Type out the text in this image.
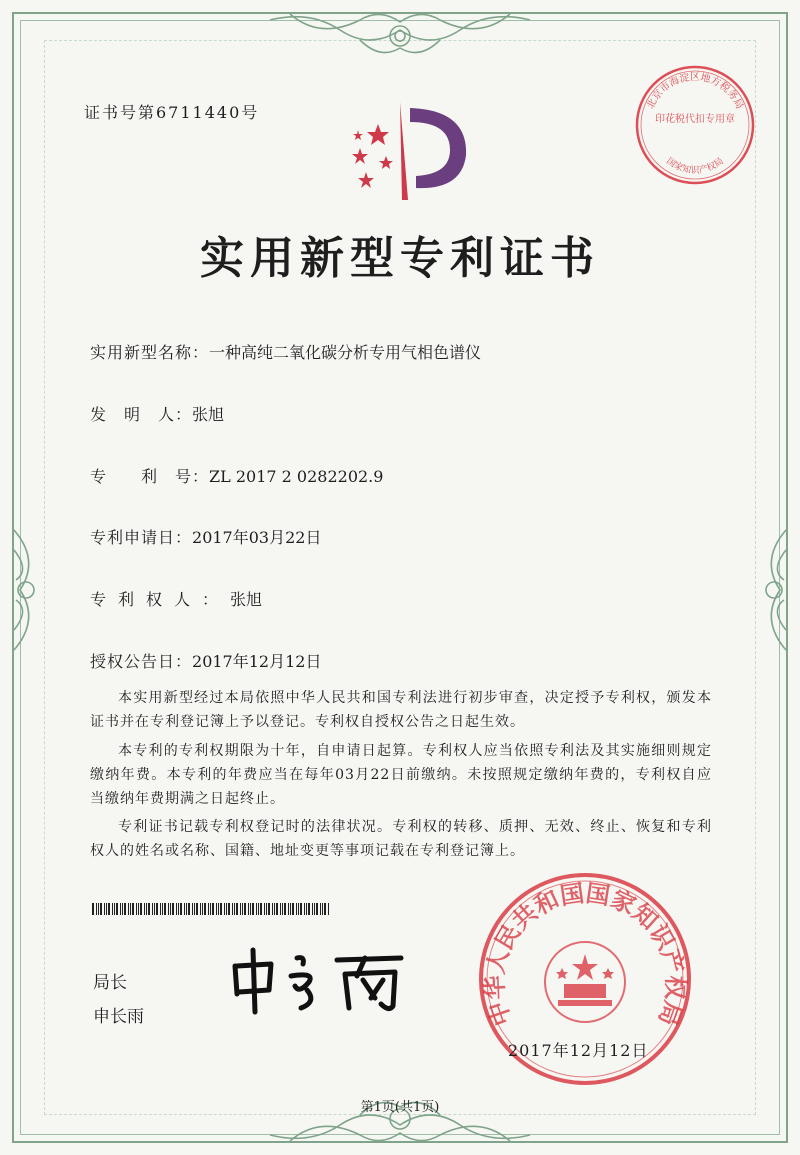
证书号第6711440号	北京市海淀区地方税务局
印花税代扣专用章
国家知识产权局
实用新型专利证书
实用新型名称：一种高纯二氧化碳分析专用气相色谱仪
发　明　人：张旭
专　　利　号：ZL 2017 2 0282202.9
专利申请日：2017年03月22日
专利权人：张旭
授权公告日：2017年12月12日
本实用新型经过本局依照中华人民共和国专利法进行初步审查，决定授予专利权，颁发本证书并在专利登记簿上予以登记。专利权自授权公告之日起生效。
本专利的专利权期限为十年，自申请日起算。专利权人应当依照专利法及其实施细则规定缴纳年费。本专利的年费应当在每年03月22日前缴纳。未按照规定缴纳年费的，专利权自应当缴纳年费期满之日起终止。
专利证书记载专利权登记时的法律状况。专利权的转移、质押、无效、终止、恢复和专利权人的姓名或名称、国籍、地址变更等事项记载在专利登记簿上。
局长
申长雨	中华人民共和国国家知识产权局
2017年12月12日
第1页(共1页)
